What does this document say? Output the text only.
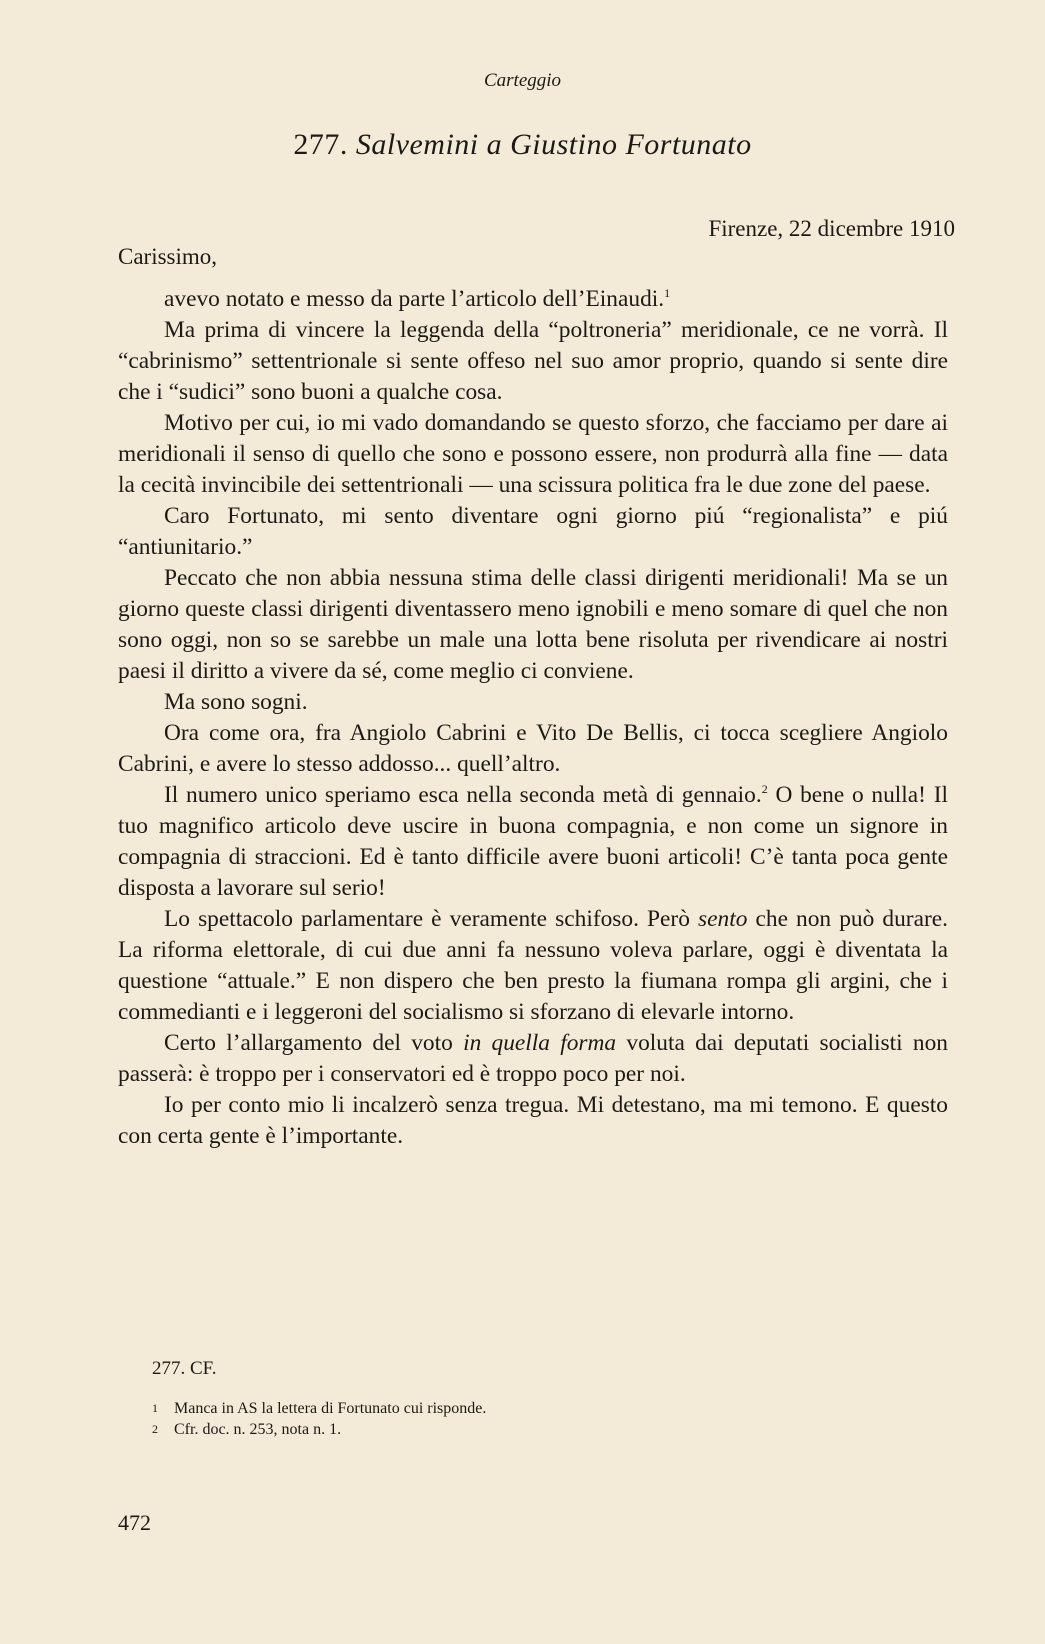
Carteggio
277. Salvemini a Giustino Fortunato
Firenze, 22 dicembre 1910
Carissimo,

avevo notato e messo da parte l’articolo dell’Einaudi.$^1$

Ma prima di vincere la leggenda della “poltroneria” meridionale, ce ne vorrà. Il “cabrinismo” settentrionale si sente offeso nel suo amor proprio, quando si sente dire che i “sudici” sono buoni a qualche cosa.

Motivo per cui, io mi vado domandando se questo sforzo, che facciamo per dare ai meridionali il senso di quello che sono e possono essere, non produrrà alla fine — data la cecità invincibile dei settentrionali — una scissura politica fra le due zone del paese.

Caro Fortunato, mi sento diventare ogni giorno piú “regionalista” e piú “antiunitario.”

Peccato che non abbia nessuna stima delle classi dirigenti meridionali! Ma se un giorno queste classi dirigenti diventassero meno ignobili e meno somare di quel che non sono oggi, non so se sarebbe un male una lotta bene risoluta per rivendicare ai nostri paesi il diritto a vivere da sé, come meglio ci conviene.

Ma sono sogni.

Ora come ora, fra Angiolo Cabrini e Vito De Bellis, ci tocca scegliere Angiolo Cabrini, e avere lo stesso addosso... quell’altro.

Il numero unico speriamo esca nella seconda metà di gennaio.$^2$ O bene o nulla! Il tuo magnifico articolo deve uscire in buona compagnia, e non come un signore in compagnia di straccioni. Ed è tanto difficile avere buoni articoli! C’è tanta poca gente disposta a lavorare sul serio!

Lo spettacolo parlamentare è veramente schifoso. Però sento che non può durare. La riforma elettorale, di cui due anni fa nessuno voleva parlare, oggi è diventata la questione “attuale.” E non dispero che ben presto la fiumana rompa gli argini, che i commedianti e i leggeroni del socialismo si sforzano di elevarle intorno.

Certo l’allargamento del voto in quella forma voluta dai deputati socialisti non passerà: è troppo per i conservatori ed è troppo poco per noi.

Io per conto mio li incalzerò senza tregua. Mi detestano, ma mi temono. E questo con certa gente è l’importante.

277. CF.
1	Manca in AS la lettera di Fortunato cui risponde.
2	Cfr. doc. n. 253, nota n. 1.
472
